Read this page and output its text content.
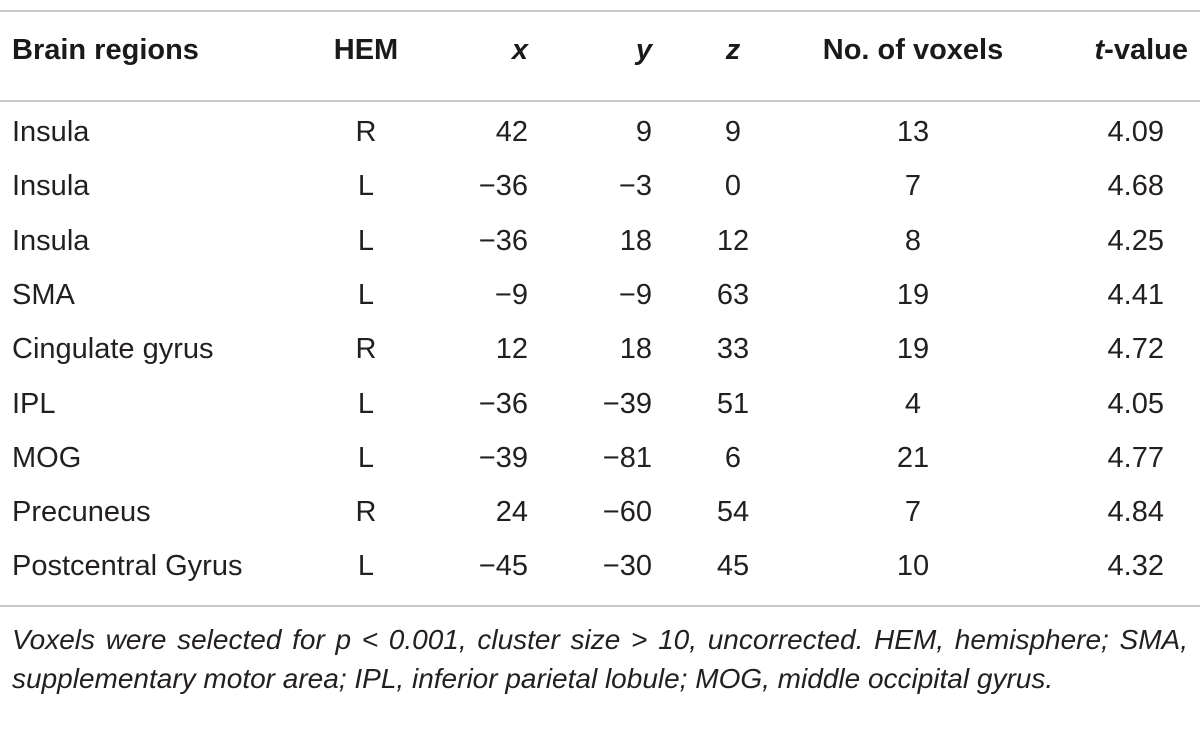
Brain regions	HEM	x	y	z	No. of voxels	t-value
Insula	R	42	9	9	13	4.09
Insula	L	−36	−3	0	7	4.68
Insula	L	−36	18	12	8	4.25
SMA	L	−9	−9	63	19	4.41
Cingulate gyrus	R	12	18	33	19	4.72
IPL	L	−36	−39	51	4	4.05
MOG	L	−39	−81	6	21	4.77
Precuneus	R	24	−60	54	7	4.84
Postcentral Gyrus	L	−45	−30	45	10	4.32
Voxels were selected for p < 0.001, cluster size > 10, uncorrected. HEM, hemisphere; SMA, supplementary motor area; IPL, inferior parietal lobule; MOG, middle occipital gyrus.
